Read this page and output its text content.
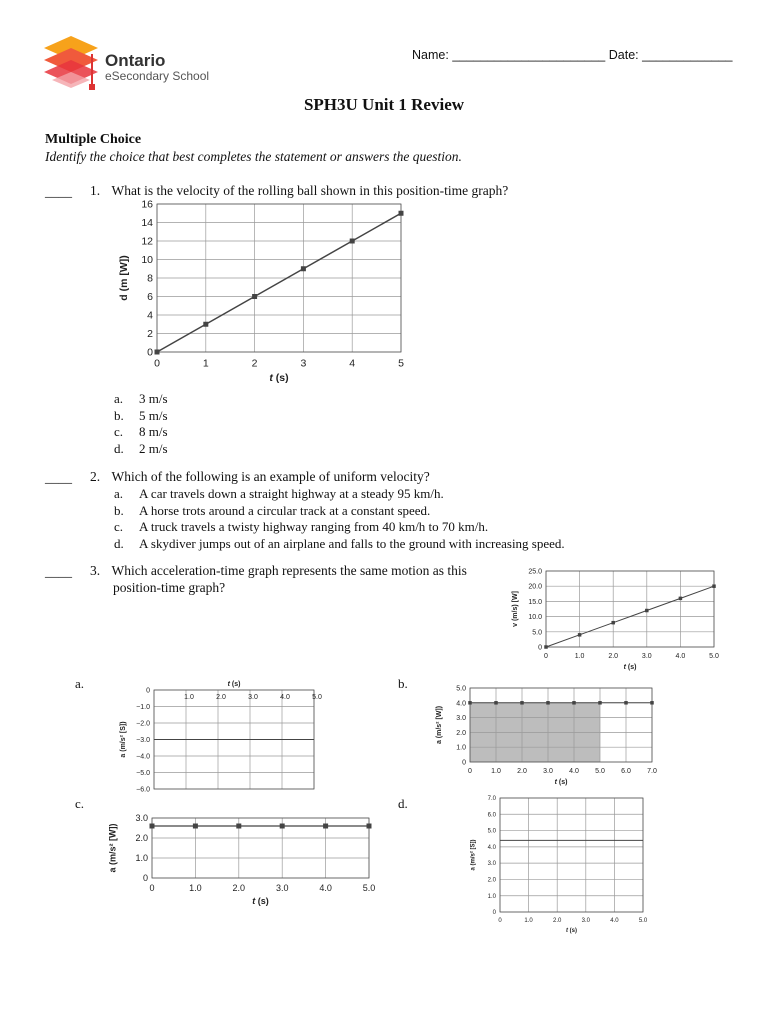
Ontario
eSecondary School
Name: ______________________ Date: _____________
SPH3U Unit 1 Review
Multiple Choice
Identify the choice that best completes the statement or answers the question.
____ 1. What is the velocity of the rolling ball shown in this position-time graph?
0
2
4
6
8
10
12
14
16
0	1	2	3	4	5
t (s)
d (m [W])
a. 3 m/s
b. 5 m/s
c. 8 m/s
d. 2 m/s
____ 2. Which of the following is an example of uniform velocity?
a. A car travels down a straight highway at a steady 95 km/h.
b. A horse trots around a circular track at a constant speed.
c. A truck travels a twisty highway ranging from 40 km/h to 70 km/h.
d. A skydiver jumps out of an airplane and falls to the ground with increasing speed.
____ 3. Which acceleration-time graph represents the same motion as this
position-time graph?
0
5.0
10.0
15.0
20.0
25.0
0	1.0	2.0	3.0	4.0	5.0
t (s)
v (m/s) [W]
a.	0
−1.0
−2.0
−3.0
−4.0
−5.0
−6.0
1.0	2.0	3.0	4.0	5.0
t (s)
a (m/s² [S])
b.
0
1.0
2.0
3.0
4.0
5.0
0	1.0 2.0 3.0 4.0 5.0 6.0 7.0
t (s)
a (m/s² [W])
c.
0
1.0
2.0
3.0
0	1.0	2.0	3.0	4.0	5.0
t (s)
a (m/s² [W])
d.
0
1.0
2.0
3.0
4.0
5.0
6.0
7.0
0	1.0	2.0	3.0	4.0	5.0
t (s)
a (m/s² [S])
